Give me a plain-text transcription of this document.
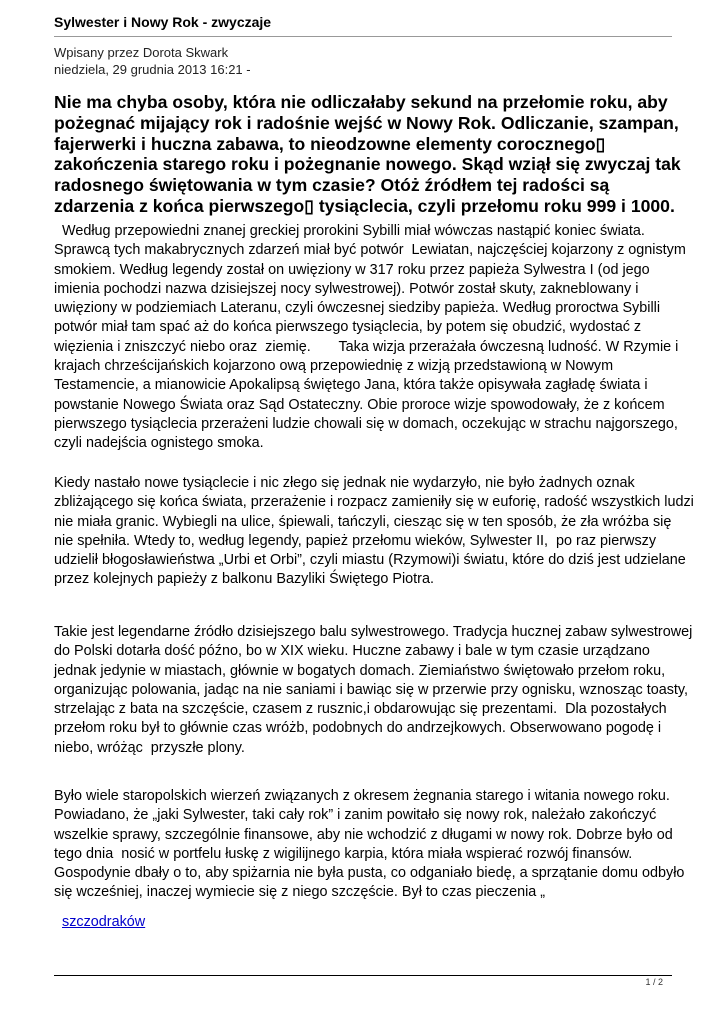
Sylwester i Nowy Rok - zwyczaje
Wpisany przez Dorota Skwark
niedziela, 29 grudnia 2013 16:21 -

Nie ma chyba osoby, która nie odliczałaby sekund na przełomie roku, aby pożegnać mijający rok i radośnie wejść w Nowy Rok. Odliczanie, szampan, fajerwerki i huczna zabawa, to nieodzowne elementy corocznego▯ zakończenia starego roku i pożegnanie nowego. Skąd wziął się zwyczaj tak radosnego świętowania w tym czasie? Otóż źródłem tej radości są zdarzenia z końca pierwszego▯ tysiąclecia, czyli przełomu roku 999 i 1000.

Według przepowiedni znanej greckiej prorokini Sybilli miał wówczas nastąpić koniec świata. Sprawcą tych makabrycznych zdarzeń miał być potwór  Lewiatan, najczęściej kojarzony z ognistym smokiem. Według legendy został on uwięziony w 317 roku przez papieża Sylwestra I (od jego imienia pochodzi nazwa dzisiejszej nocy sylwestrowej). Potwór został skuty, zakneblowany i uwięziony w podziemiach Lateranu, czyli ówczesnej siedziby papieża. Według proroctwa Sybilli potwór miał tam spać aż do końca pierwszego tysiąclecia, by potem się obudzić, wydostać z więzienia i zniszczyć niebo oraz  ziemię.       Taka wizja przerażała ówczesną ludność. W Rzymie i krajach chrześcijańskich kojarzono ową przepowiednię z wizją przedstawioną w Nowym Testamencie, a mianowicie Apokalipsą świętego Jana, która także opisywała zagładę świata i powstanie Nowego Świata oraz Sąd Ostateczny. Obie proroce wizje spowodowały, że z końcem pierwszego tysiąclecia przerażeni ludzie chowali się w domach, oczekując w strachu najgorszego, czyli nadejścia ognistego smoka.

Kiedy nastało nowe tysiąclecie i nic złego się jednak nie wydarzyło, nie było żadnych oznak zbliżającego się końca świata, przerażenie i rozpacz zamieniły się w euforię, radość wszystkich ludzi nie miała granic. Wybiegli na ulice, śpiewali, tańczyli, ciesząc się w ten sposób, że zła wróżba się nie spełniła. Wtedy to, według legendy, papież przełomu wieków, Sylwester II,  po raz pierwszy udzielił błogosławieństwa „Urbi et Orbi”, czyli miastu (Rzymowi)i światu, które do dziś jest udzielane przez kolejnych papieży z balkonu Bazyliki Świętego Piotra.

Takie jest legendarne źródło dzisiejszego balu sylwestrowego. Tradycja hucznej zabaw sylwestrowej do Polski dotarła dość późno, bo w XIX wieku. Huczne zabawy i bale w tym czasie urządzano jednak jedynie w miastach, głównie w bogatych domach. Ziemiaństwo świętowało przełom roku, organizując polowania, jadąc na nie saniami i bawiąc się w przerwie przy ognisku, wznosząc toasty, strzelając z bata na szczęście, czasem z rusznic,i obdarowując się prezentami.  Dla pozostałych przełom roku był to głównie czas wróżb, podobnych do andrzejkowych. Obserwowano pogodę i niebo, wróżąc  przyszłe plony.

Było wiele staropolskich wierzeń związanych z okresem żegnania starego i witania nowego roku. Powiadano, że „jaki Sylwester, taki cały rok” i zanim powitało się nowy rok, należało zakończyć wszelkie sprawy, szczególnie finansowe, aby nie wchodzić z długami w nowy rok. Dobrze było od tego dnia  nosić w portfelu łuskę z wigilijnego karpia, która miała wspierać rozwój finansów. Gospodynie dbały o to, aby spiżarnia nie była pusta, co odganiało biedę, a sprzątanie domu odbyło się wcześniej, inaczej wymiecie się z niego szczęście. Był to czas pieczenia „

szczodraków
1 / 2
